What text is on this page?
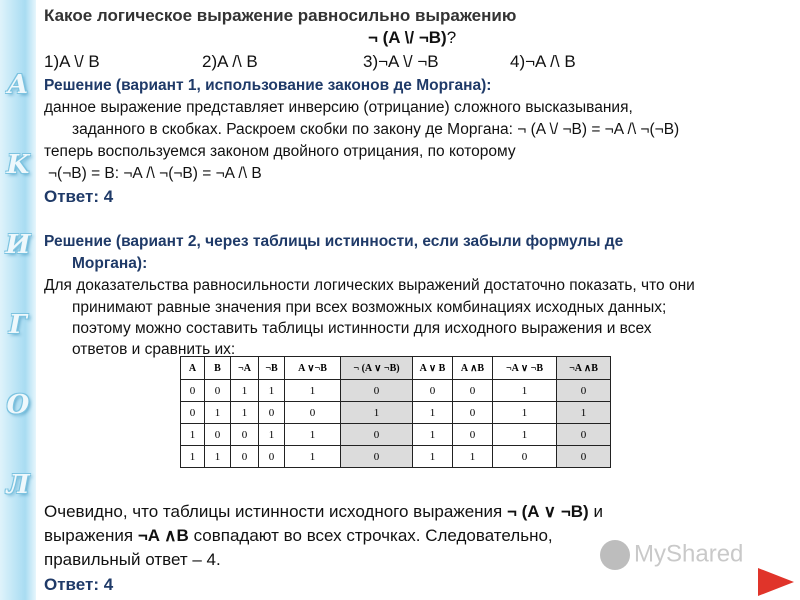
A
K
И
Г
О
Л
Какое логическое выражение равносильно выражению
¬ (A \/ ¬B)?
1)A \/ B	2)A /\ B	3)¬A \/ ¬B	4)¬A /\ B
Решение (вариант 1, использование законов де Моргана):
данное выражение представляет инверсию (отрицание) сложного высказывания,
заданного в скобках. Раскроем скобки по закону де Моргана: ¬ (A \/ ¬B) = ¬A /\ ¬(¬B)
теперь воспользуемся законом двойного отрицания, по которому
¬(¬B) = B: ¬A /\ ¬(¬B) = ¬A /\ B
Ответ: 4
Решение (вариант 2, через таблицы истинности, если забыли формулы де
Моргана):
Для доказательства равносильности логических выражений достаточно показать, что они
принимают равные значения при всех возможных комбинациях исходных данных;
поэтому можно составить таблицы истинности для исходного выражения и всех
ответов и сравнить их:
A	B	¬A	¬B	A ∨¬B	¬ (A ∨ ¬B)	A ∨ B	A ∧B	¬A ∨ ¬B	¬A ∧B
0	0	1	1	1	0	0	0	1	0
0	1	1	0	0	1	1	0	1	1
1	0	0	1	1	0	1	0	1	0
1	1	0	0	1	0	1	1	0	0
Очевидно, что таблицы истинности исходного выражения ¬ (A ∨ ¬B) и
выражения ¬A ∧B совпадают во всех строчках. Следовательно,
правильный ответ – 4.
Ответ: 4
MyShared
